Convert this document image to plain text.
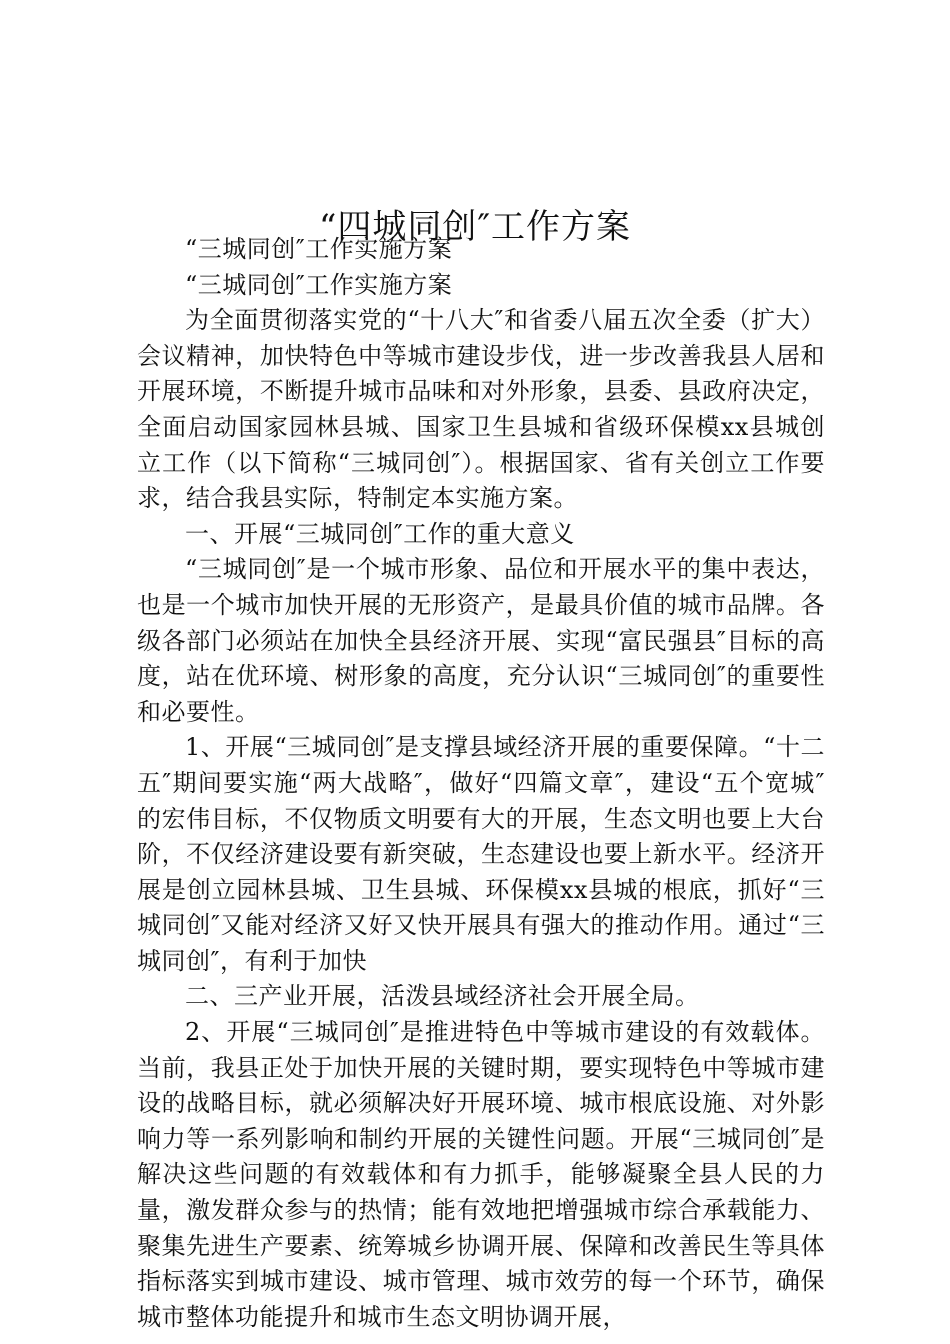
“四城同创″工作方案

“三城同创″工作实施方案

“三城同创″工作实施方案

为全面贯彻落实党的“十八大″和省委八届五次全委（扩大）会议精神，加快特色中等城市建设步伐，进一步改善我县人居和开展环境，不断提升城市品味和对外形象，县委、县政府决定，全面启动国家园林县城、国家卫生县城和省级环保模xx县城创立工作（以下简称“三城同创″）。根据国家、省有关创立工作要求，结合我县实际，特制定本实施方案。

一、开展“三城同创″工作的重大意义

“三城同创″是一个城市形象、品位和开展水平的集中表达，也是一个城市加快开展的无形资产，是最具价值的城市品牌。各级各部门必须站在加快全县经济开展、实现“富民强县″目标的高度，站在优环境、树形象的高度，充分认识“三城同创″的重要性和必要性。

1、开展“三城同创″是支撑县域经济开展的重要保障。“十二五″期间要实施“两大战略″，做好“四篇文章″，建设“五个宽城″的宏伟目标，不仅物质文明要有大的开展，生态文明也要上大台阶，不仅经济建设要有新突破，生态建设也要上新水平。经济开展是创立园林县城、卫生县城、环保模xx县城的根底，抓好“三城同创″又能对经济又好又快开展具有强大的推动作用。通过“三城同创″，有利于加快

二、三产业开展，活泼县域经济社会开展全局。

2、开展“三城同创″是推进特色中等城市建设的有效载体。当前，我县正处于加快开展的关键时期，要实现特色中等城市建设的战略目标，就必须解决好开展环境、城市根底设施、对外影响力等一系列影响和制约开展的关键性问题。开展“三城同创″是解决这些问题的有效载体和有力抓手，能够凝聚全县人民的力量，激发群众参与的热情；能有效地把增强城市综合承载能力、聚集先进生产要素、统筹城乡协调开展、保障和改善民生等具体指标落实到城市建设、城市管理、城市效劳的每一个环节，确保城市整体功能提升和城市生态文明协调开展，
